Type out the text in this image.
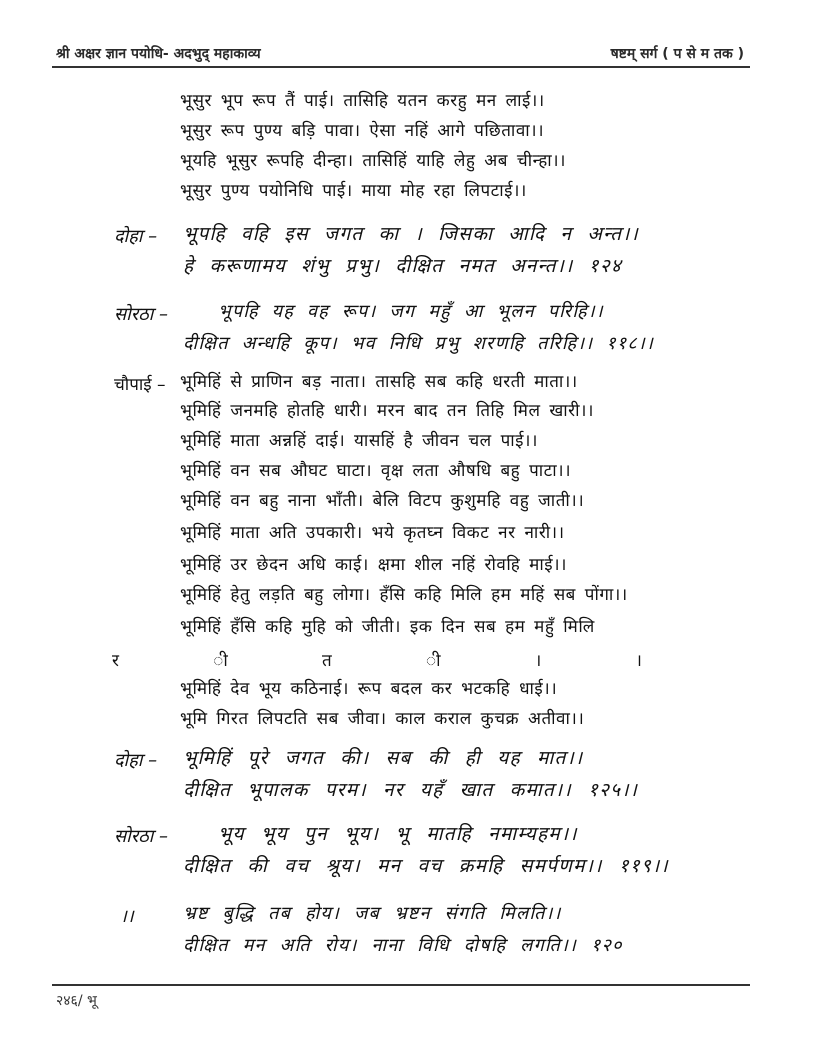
श्री अक्षर ज्ञान पयोधि- अदभुद् महाकाव्य	षष्टम् सर्ग ( प से म तक )
भूसुर भूप रूप तैं पाई। तासिहि यतन करहु मन लाई।।
भूसुर रूप पुण्य बड़ि पावा। ऐसा नहिं आगे पछितावा।।
भूयहि भूसुर रूपहि दीन्हा। तासिहिं याहि लेहु अब चीन्हा।।
भूसुर पुण्य पयोनिधि पाई। माया मोह रहा लिपटाई।।
दोहा – भूपहि वहि इस जगत का । जिसका आदि न अन्त।।
हे करूणामय शंभु प्रभु। दीक्षित नमत अनन्त।। १२४
सोरठा –	भूपहि यह वह रूप। जग महुँ आ भूलन परिहि।।
दीक्षित अन्धहि कूप। भव निधि प्रभु शरणहि तरिहि।। ११८।।
चौपाई – भूमिहिं से प्राणिन बड़ नाता। तासहि सब कहि धरती माता।।
भूमिहिं जनमहि होतहि धारी। मरन बाद तन तिहि मिल खारी।।
भूमिहिं माता अन्नहिं दाई। यासहिं है जीवन चल पाई।।
भूमिहिं वन सब औघट घाटा। वृक्ष लता औषधि बहु पाटा।।
भूमिहिं वन बहु नाना भाँती। बेलि विटप कुशुमहि वहु जाती।।
भूमिहिं माता अति उपकारी। भये कृतघ्न विकट नर नारी।।
भूमिहिं उर छेदन अधि काई। क्षमा शील नहिं रोवहि माई।।
भूमिहिं हेतु लड़ति बहु लोगा। हँसि कहि मिलि हम महिं सब पोंगा।।
भूमिहिं हँसि कहि मुहि को जीती। इक दिन सब हम महुँ मिलि
र	ी	त	ी	।	।
भूमिहिं देव भूय कठिनाई। रूप बदल कर भटकहि धाई।।
भूमि गिरत लिपटति सब जीवा। काल कराल कुचक्र अतीवा।।
दोहा – भूमिहिं पूरे जगत की। सब की ही यह मात।।
दीक्षित भूपालक परम। नर यहँ खात कमात।। १२५।।
सोरठा –	भूय भूय पुन भूय। भू मातहि नमाम्यहम।।
दीक्षित की वच श्रूय। मन वच क्रमहि समर्पणम।। ११९।।
।।	भ्रष्ट बुद्धि तब होय। जब भ्रष्टन संगति मिलति।।
दीक्षित मन अति रोय। नाना विधि दोषहि लगति।। १२०
२४६/ भू
